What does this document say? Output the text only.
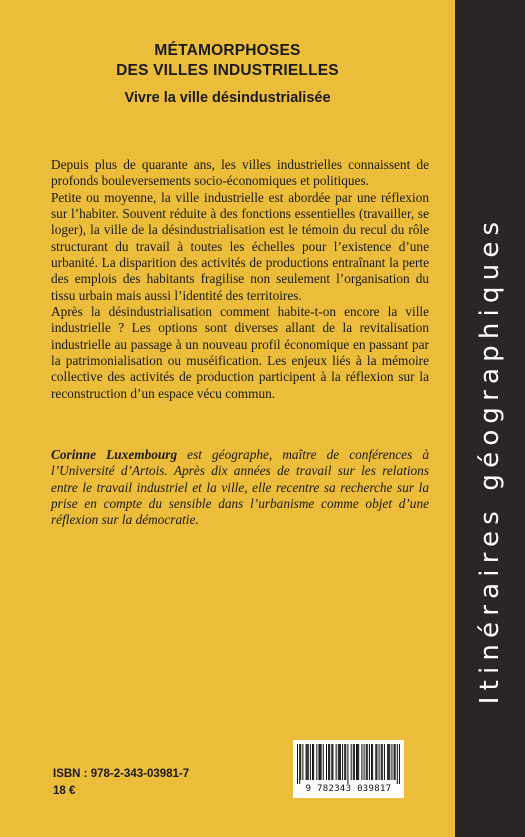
MÉTAMORPHOSES
DES VILLES INDUSTRIELLES
Vivre la ville désindustrialisée

Depuis plus de quarante ans, les villes industrielles connaissent de profonds bouleversements socio-économiques et politiques.

Petite ou moyenne, la ville industrielle est abordée par une réflexion sur l’habiter. Souvent réduite à des fonctions essentielles (travailler, se loger), la ville de la désindustrialisation est le témoin du recul du rôle structurant du travail à toutes les échelles pour l’existence d’une urbanité. La disparition des activités de productions entraînant la perte des emplois des habitants fragilise non seulement l’organisation du tissu urbain mais aussi l’identité des territoires.

Après la désindustrialisation comment habite-t-on encore la ville industrielle ? Les options sont diverses allant de la revitalisation industrielle au passage à un nouveau profil économique en passant par la patrimonialisation ou muséification. Les enjeux liés à la mémoire collective des activités de production participent à la réflexion sur la reconstruction d’un espace vécu commun.

Corinne Luxembourg est géographe, maître de conférences à l’Université d’Artois. Après dix années de travail sur les relations entre le travail industriel et la ville, elle recentre sa recherche sur la prise en compte du sensible dans l’urbanisme comme objet d’une réflexion sur la démocratie.	Itinéraires géographiques
ISBN : 978-2-343-03981-7
18 €	9 782343 039817
